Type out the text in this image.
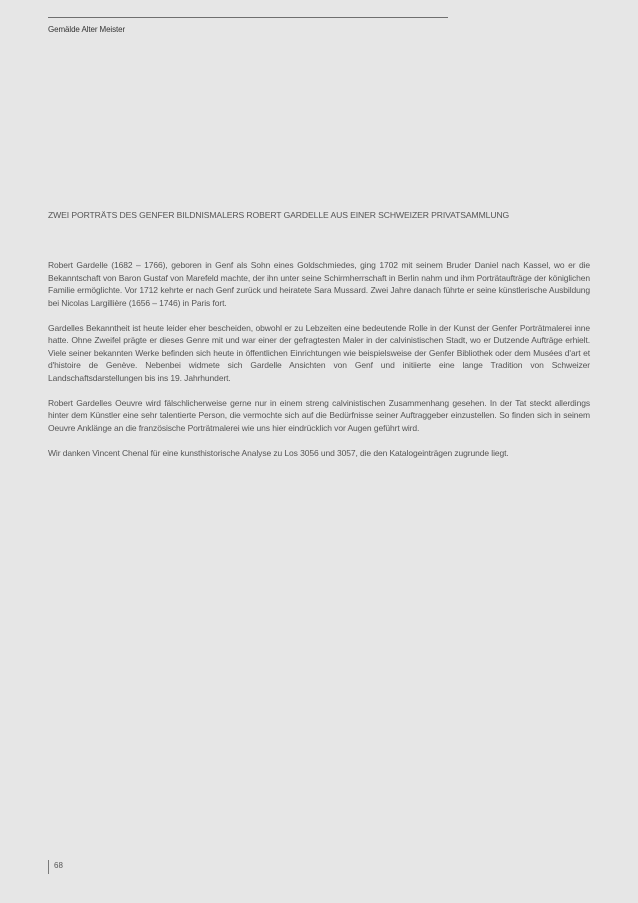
Gemälde Alter Meister
ZWEI PORTRÄTS DES GENFER BILDNISMALERS ROBERT GARDELLE AUS EINER SCHWEIZER PRIVATSAMMLUNG

Robert Gardelle (1682 – 1766), geboren in Genf als Sohn eines Goldschmiedes, ging 1702 mit seinem Bruder Daniel nach Kassel, wo er die Bekanntschaft von Baron Gustaf von Marefeld machte, der ihn unter seine Schirmherrschaft in Berlin nahm und ihm Porträtaufträge der königlichen Familie ermöglichte. Vor 1712 kehrte er nach Genf zurück und heiratete Sara Mussard. Zwei Jahre danach führte er seine künstlerische Ausbildung bei Nicolas Largillière (1656 – 1746) in Paris fort.

Gardelles Bekanntheit ist heute leider eher bescheiden, obwohl er zu Lebzeiten eine bedeutende Rolle in der Kunst der Genfer Porträtmalerei inne hatte. Ohne Zweifel prägte er dieses Genre mit und war einer der gefragtesten Maler in der calvinistischen Stadt, wo er Dutzende Aufträge erhielt. Viele seiner bekannten Werke befinden sich heute in öffentlichen Einrichtungen wie beispielsweise der Genfer Bibliothek oder dem Musées d'art et d'histoire de Genève. Nebenbei widmete sich Gardelle Ansichten von Genf und initiierte eine lange Tradition von Schweizer Landschaftsdarstellungen bis ins 19. Jahrhundert.

Robert Gardelles Oeuvre wird fälschlicherweise gerne nur in einem streng calvinistischen Zusammenhang gesehen. In der Tat steckt allerdings hinter dem Künstler eine sehr talentierte Person, die vermochte sich auf die Bedürfnisse seiner Auftraggeber einzustellen. So finden sich in seinem Oeuvre Anklänge an die französische Porträtmalerei wie uns hier eindrücklich vor Augen geführt wird.

Wir danken Vincent Chenal für eine kunsthistorische Analyse zu Los 3056 und 3057, die den Katalogeinträgen zugrunde liegt.

68
